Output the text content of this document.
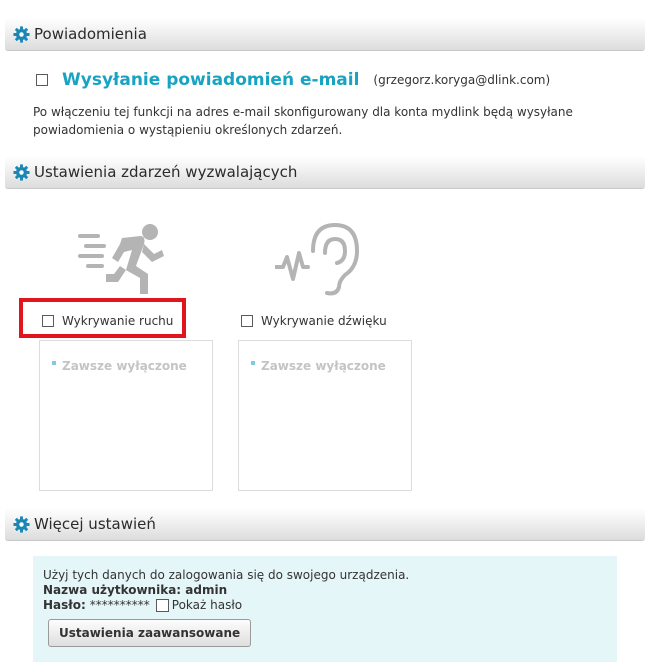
Powiadomienia
Wysyłanie powiadomień e-mail (grzegorz.koryga@dlink.com)
Po włączeniu tej funkcji na adres e-mail skonfigurowany dla konta mydlink będą wysyłane powiadomienia o wystąpieniu określonych zdarzeń.
Ustawienia zdarzeń wyzwalających
Wykrywanie ruchu	Wykrywanie dźwięku
Zawsze wyłączone	Zawsze wyłączone
Więcej ustawień
Użyj tych danych do zalogowania się do swojego urządzenia.
Nazwa użytkownika: admin
Hasło: ********** Pokaż hasło
Ustawienia zaawansowane
